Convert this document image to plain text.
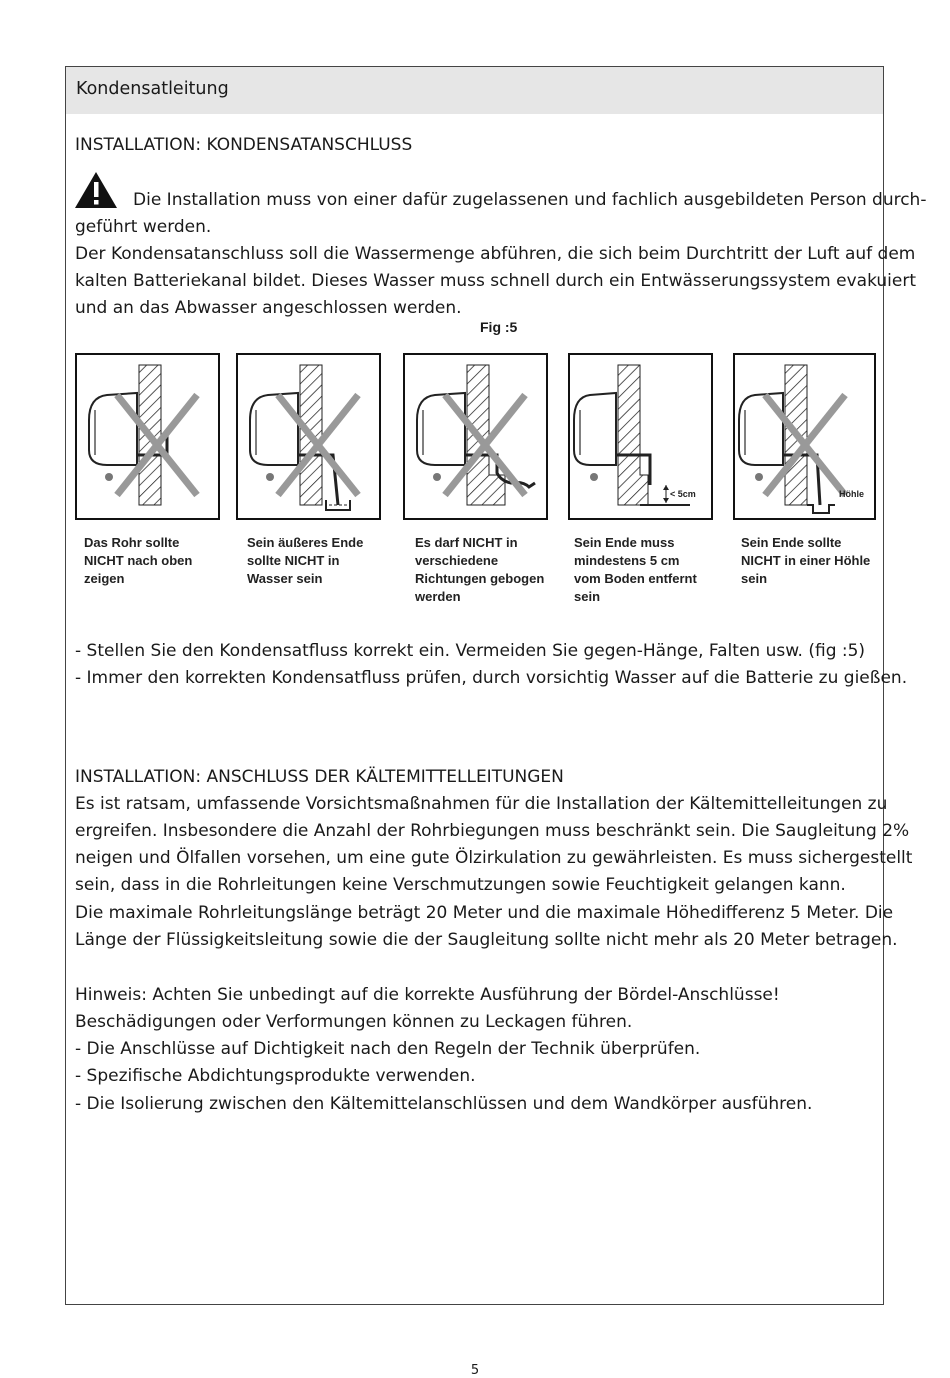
Kondensatleitung
INSTALLATION: KONDENSATANSCHLUSS
Die Installation muss von einer dafür zugelassenen und fachlich ausgebildeten Person durch-
geführt werden.
Der Kondensatanschluss soll die Wassermenge abführen, die sich beim Durchtritt der Luft auf dem
kalten Batteriekanal bildet. Dieses Wasser muss schnell durch ein Entwässerungssystem evakuiert
und an das Abwasser angeschlossen werden.
Fig :5
< 5cm	Höhle
Das Rohr sollte
NICHT nach oben
zeigen
Sein äußeres Ende
sollte NICHT in
Wasser sein
Es darf NICHT in
verschiedene
Richtungen gebogen
werden
Sein Ende muss
mindestens 5 cm
vom Boden entfernt
sein
Sein Ende sollte
NICHT in einer Höhle
sein
- Stellen Sie den Kondensatfluss korrekt ein. Vermeiden Sie gegen-Hänge, Falten usw. (fig :5)
- Immer den korrekten Kondensatfluss prüfen, durch vorsichtig Wasser auf die Batterie zu gießen.
INSTALLATION: ANSCHLUSS DER KÄLTEMITTELLEITUNGEN
Es ist ratsam, umfassende Vorsichtsmaßnahmen für die Installation der Kältemittelleitungen zu
ergreifen. Insbesondere die Anzahl der Rohrbiegungen muss beschränkt sein. Die Saugleitung 2%
neigen und Ölfallen vorsehen, um eine gute Ölzirkulation zu gewährleisten. Es muss sichergestellt
sein, dass in die Rohrleitungen keine Verschmutzungen sowie Feuchtigkeit gelangen kann.
Die maximale Rohrleitungslänge beträgt 20 Meter und die maximale Höhedifferenz 5 Meter. Die
Länge der Flüssigkeitsleitung sowie die der Saugleitung sollte nicht mehr als 20 Meter betragen.
Hinweis: Achten Sie unbedingt auf die korrekte Ausführung der Bördel-Anschlüsse!
Beschädigungen oder Verformungen können zu Leckagen führen.
- Die Anschlüsse auf Dichtigkeit nach den Regeln der Technik überprüfen.
- Spezifische Abdichtungsprodukte verwenden.
- Die Isolierung zwischen den Kältemittelanschlüssen und dem Wandkörper ausführen.
5
